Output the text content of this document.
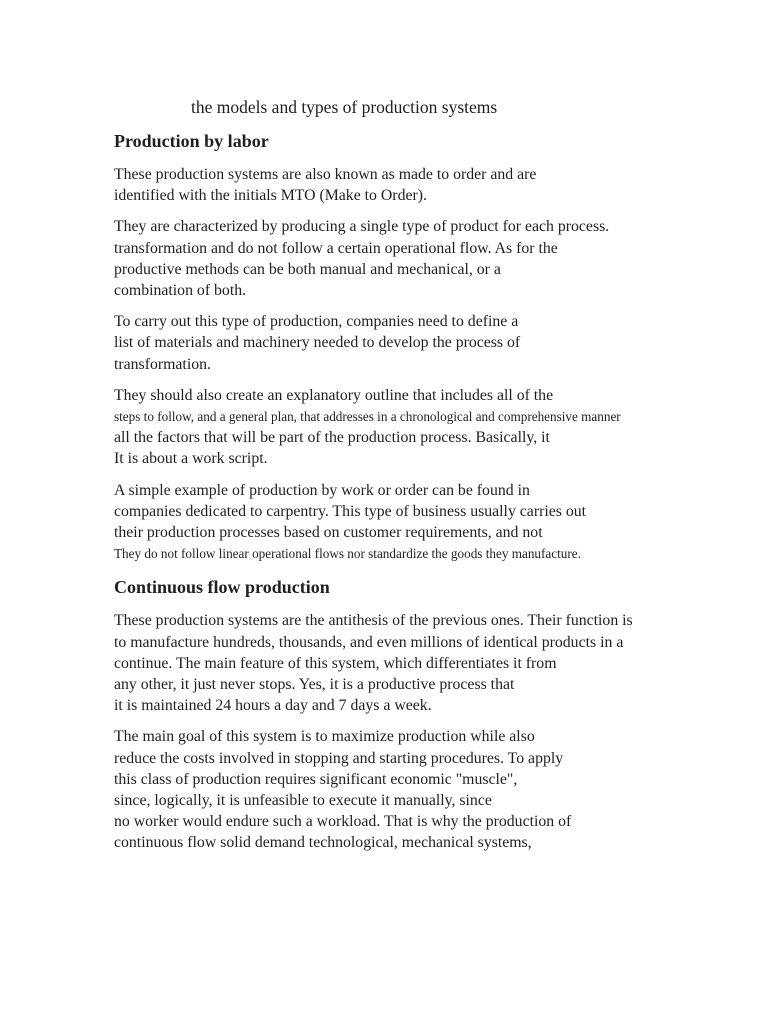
the models and types of production systems
Production by labor

These production systems are also known as made to order and are
identified with the initials MTO (Make to Order).

They are characterized by producing a single type of product for each process.
transformation and do not follow a certain operational flow. As for the
productive methods can be both manual and mechanical, or a
combination of both.

To carry out this type of production, companies need to define a
list of materials and machinery needed to develop the process of
transformation.

They should also create an explanatory outline that includes all of the
steps to follow, and a general plan, that addresses in a chronological and comprehensive manner
all the factors that will be part of the production process. Basically, it
It is about a work script.

A simple example of production by work or order can be found in
companies dedicated to carpentry. This type of business usually carries out
their production processes based on customer requirements, and not
They do not follow linear operational flows nor standardize the goods they manufacture.

Continuous flow production

These production systems are the antithesis of the previous ones. Their function is
to manufacture hundreds, thousands, and even millions of identical products in a
continue. The main feature of this system, which differentiates it from
any other, it just never stops. Yes, it is a productive process that
it is maintained 24 hours a day and 7 days a week.

The main goal of this system is to maximize production while also
reduce the costs involved in stopping and starting procedures. To apply
this class of production requires significant economic "muscle",
since, logically, it is unfeasible to execute it manually, since
no worker would endure such a workload. That is why the production of
continuous flow solid demand technological, mechanical systems,
